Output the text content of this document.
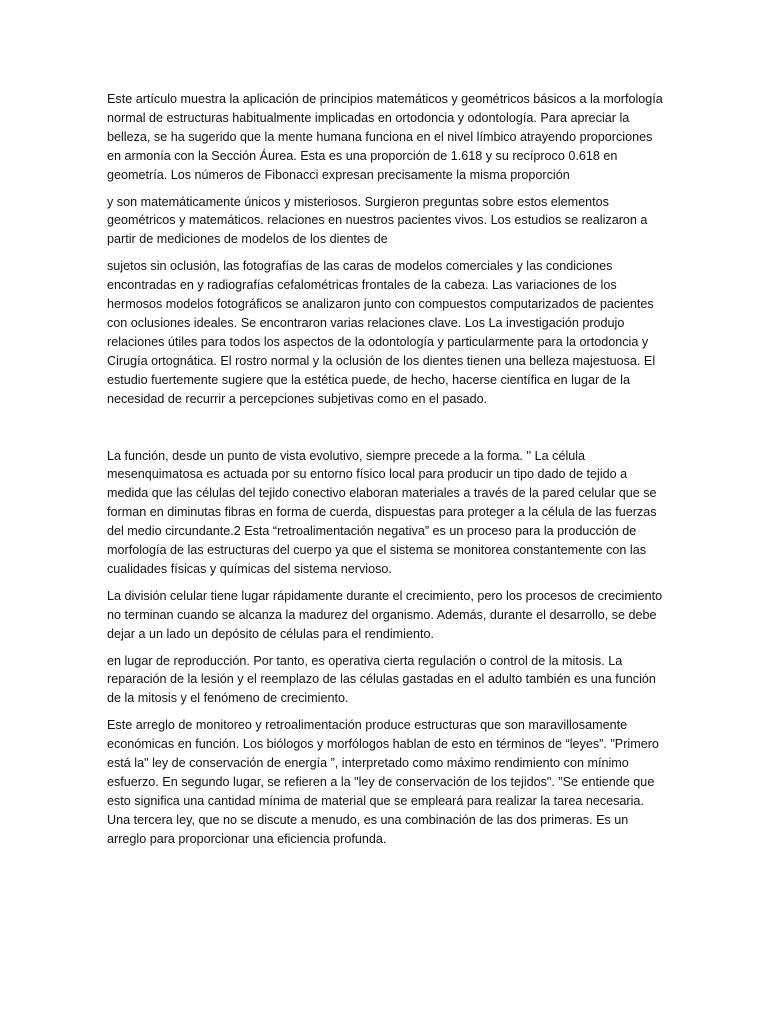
Este artículo muestra la aplicación de principios matemáticos y geométricos básicos a la morfología normal de estructuras habitualmente implicadas en ortodoncia y odontología. Para apreciar la belleza, se ha sugerido que la mente humana funciona en el nivel límbico atrayendo proporciones en armonía con la Sección Áurea. Esta es una proporción de 1.618 y su recíproco 0.618 en geometría. Los números de Fibonacci expresan precisamente la misma proporción

y son matemáticamente únicos y misteriosos. Surgieron preguntas sobre estos elementos geométricos y matemáticos. relaciones en nuestros pacientes vivos. Los estudios se realizaron a partir de mediciones de modelos de los dientes de

sujetos sin oclusión, las fotografías de las caras de modelos comerciales y las condiciones encontradas en y radiografías cefalométricas frontales de la cabeza. Las variaciones de los hermosos modelos fotográficos se analizaron junto con compuestos computarizados de pacientes con oclusiones ideales. Se encontraron varias relaciones clave. Los La investigación produjo relaciones útiles para todos los aspectos de la odontología y particularmente para la ortodoncia y Cirugía ortognática. El rostro normal y la oclusión de los dientes tienen una belleza majestuosa. El estudio fuertemente sugiere que la estética puede, de hecho, hacerse científica en lugar de la necesidad de recurrir a percepciones subjetivas como en el pasado.

La función, desde un punto de vista evolutivo, siempre precede a la forma. '' La célula mesenquimatosa es actuada por su entorno físico local para producir un tipo dado de tejido a medida que las células del tejido conectivo elaboran materiales a través de la pared celular que se forman en diminutas fibras en forma de cuerda, dispuestas para proteger a la célula de las fuerzas del medio circundante.2 Esta “retroalimentación negativa” es un proceso para la producción de morfología de las estructuras del cuerpo ya que el sistema se monitorea constantemente con las cualidades físicas y químicas del sistema nervioso.

La división celular tiene lugar rápidamente durante el crecimiento, pero los procesos de crecimiento no terminan cuando se alcanza la madurez del organismo. Además, durante el desarrollo, se debe dejar a un lado un depósito de células para el rendimiento.

en lugar de reproducción. Por tanto, es operativa cierta regulación o control de la mitosis. La reparación de la lesión y el reemplazo de las células gastadas en el adulto también es una función de la mitosis y el fenómeno de crecimiento.

Este arreglo de monitoreo y retroalimentación produce estructuras que son maravillosamente económicas en función. Los biólogos y morfólogos hablan de esto en términos de “leyes”. "Primero está la" ley de conservación de energía ”, interpretado como máximo rendimiento con mínimo esfuerzo. En segundo lugar, se refieren a la "ley de conservación de los tejidos". ”Se entiende que esto significa una cantidad mínima de material que se empleará para realizar la tarea necesaria. Una tercera ley, que no se discute a menudo, es una combinación de las dos primeras. Es un arreglo para proporcionar una eficiencia profunda.
